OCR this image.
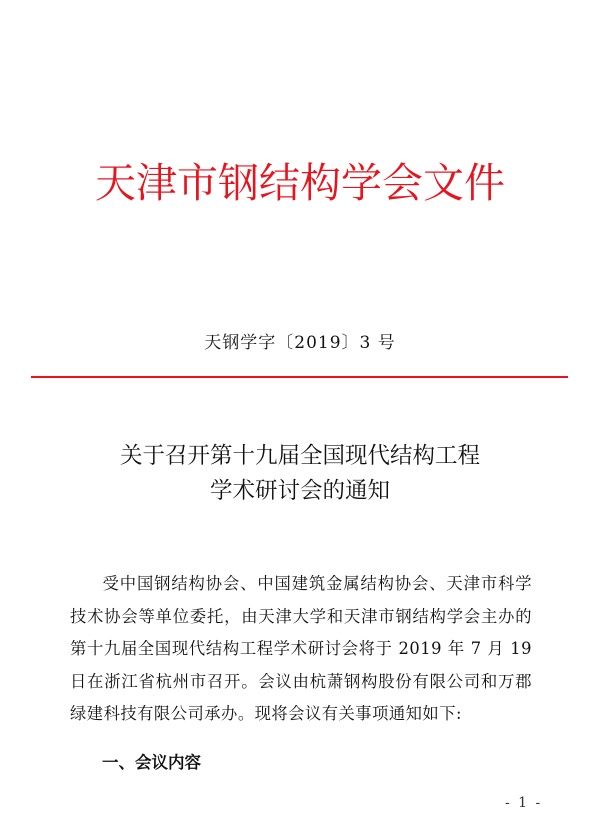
天津市钢结构学会文件
天钢学字〔2019〕3 号
关于召开第十九届全国现代结构工程
学术研讨会的通知
受中国钢结构协会、中国建筑金属结构协会、天津市科学技术协会等单位委托，由天津大学和天津市钢结构学会主办的第十九届全国现代结构工程学术研讨会将于 2019 年 7 月 19 日在浙江省杭州市召开。会议由杭萧钢构股份有限公司和万郡绿建科技有限公司承办。现将会议有关事项通知如下:
一、会议内容
- 1 -
